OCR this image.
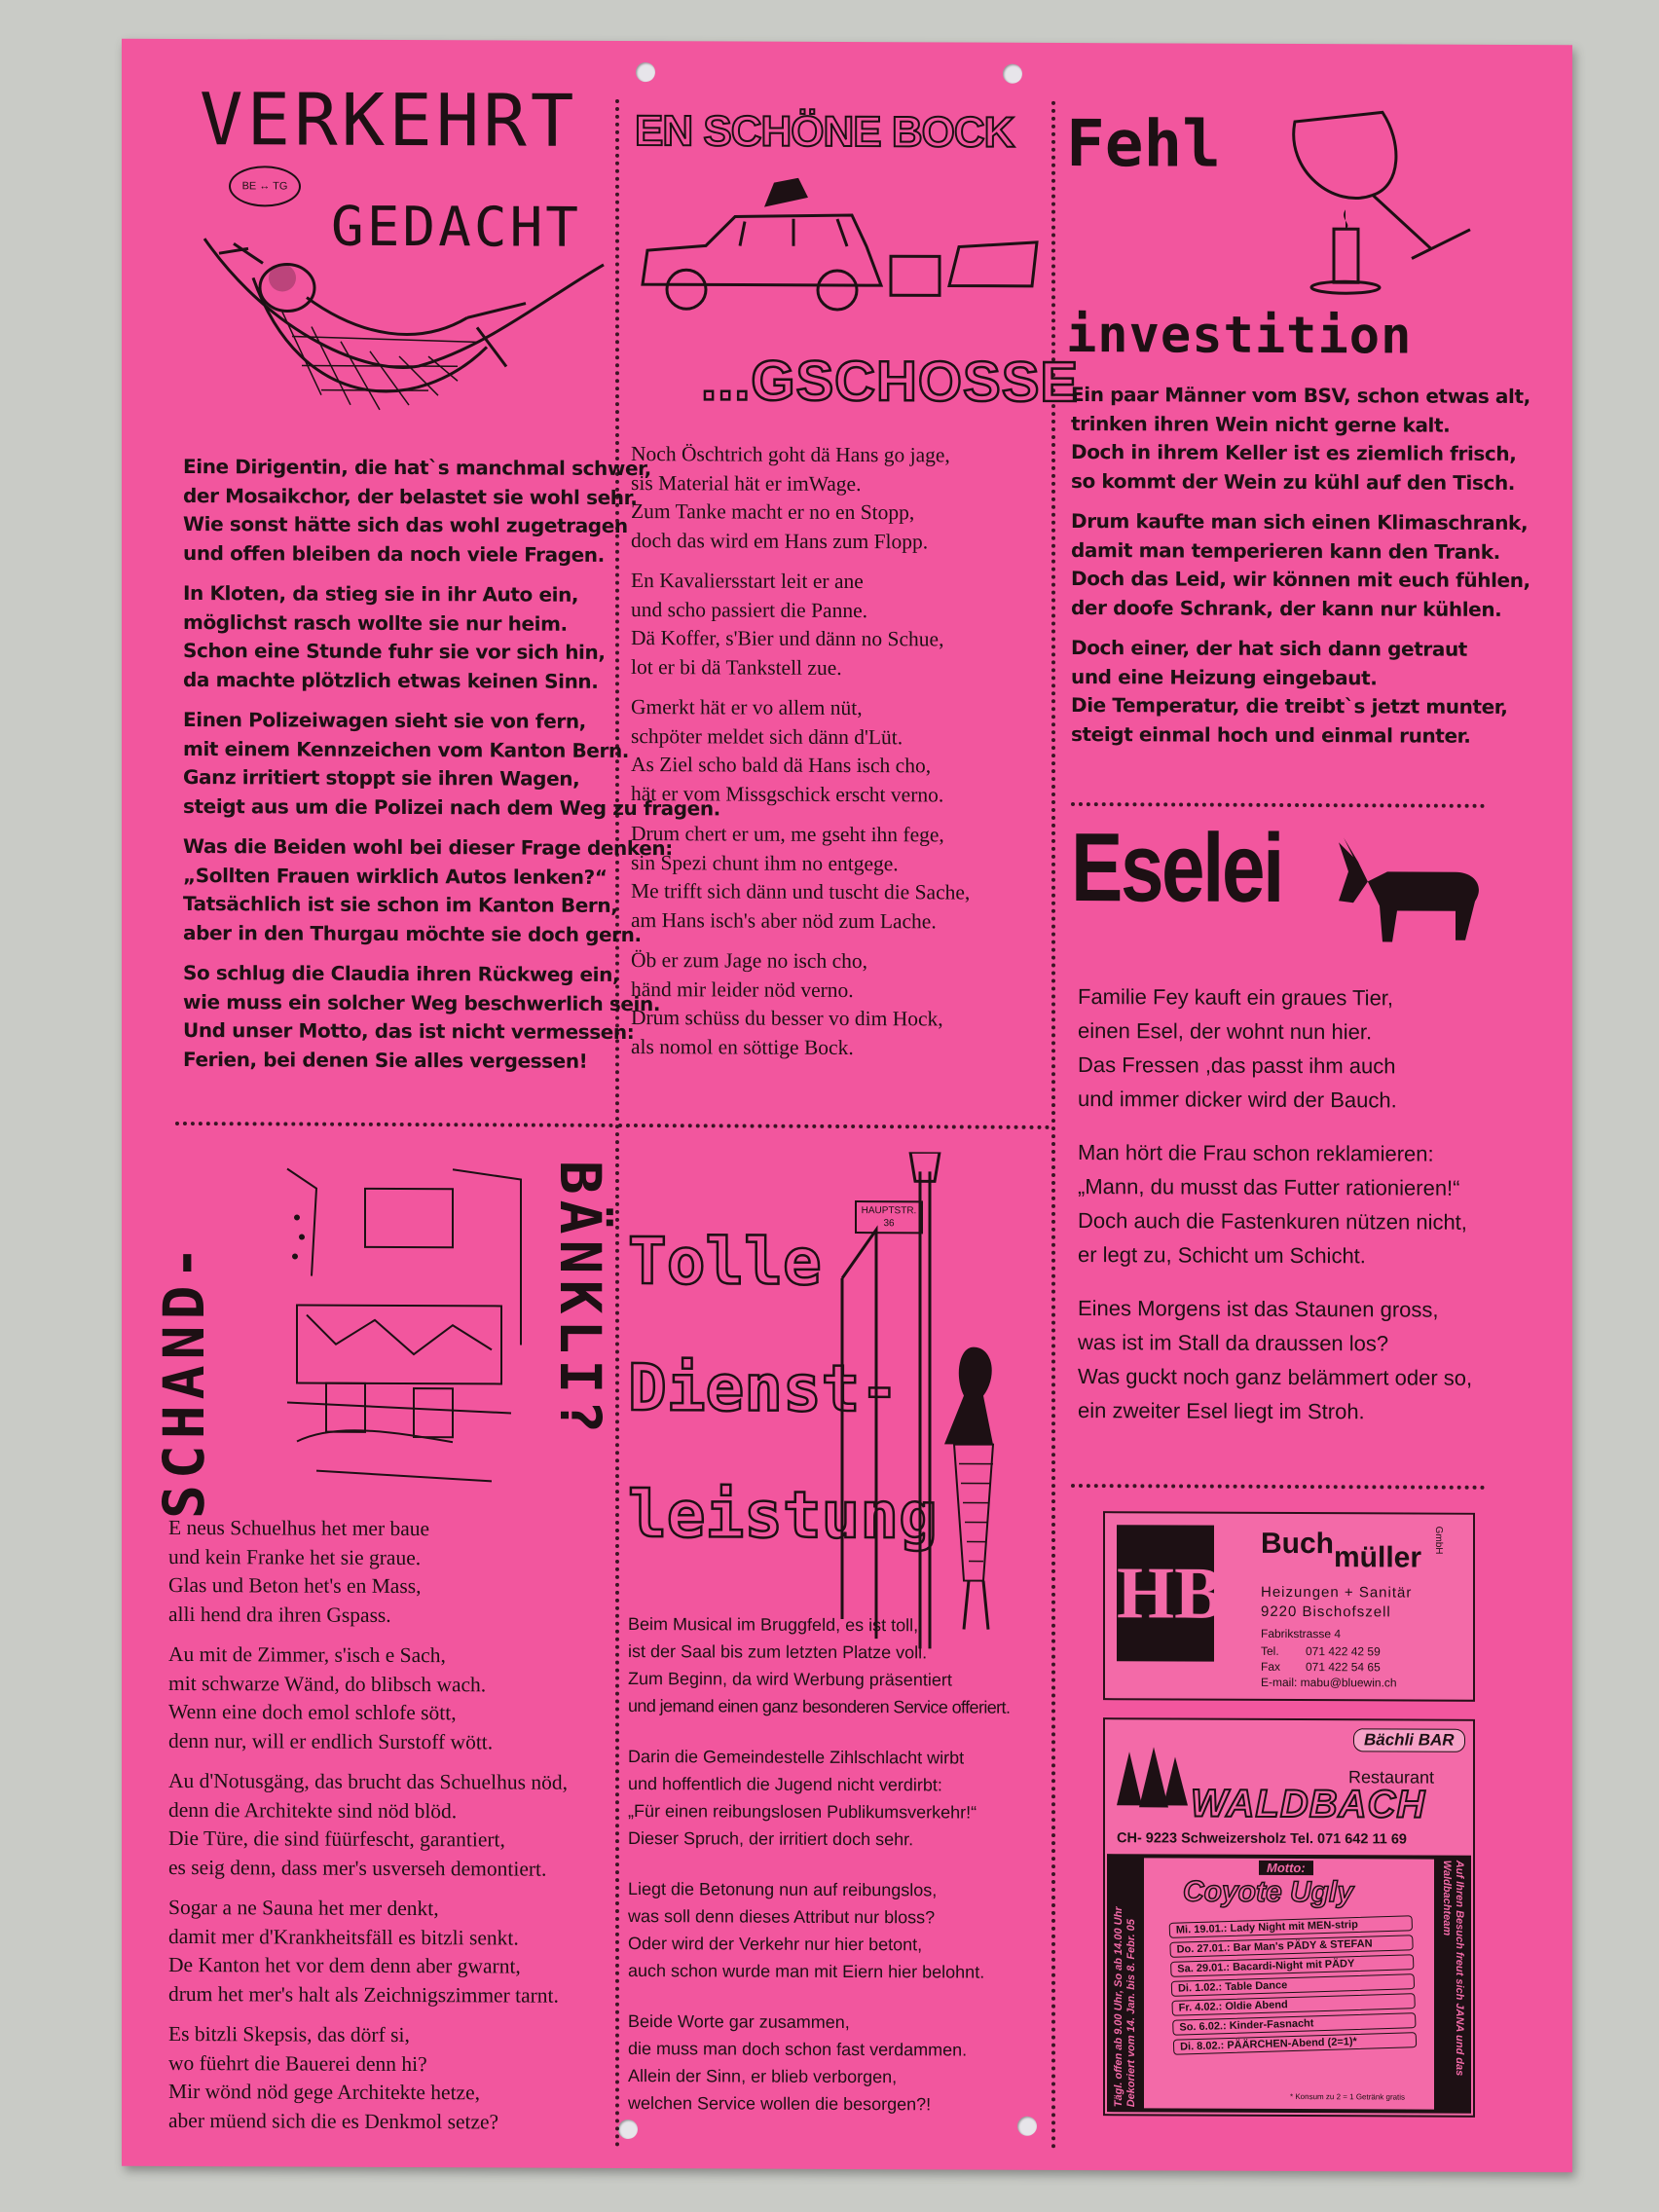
VERKEHRT
GEDACHT
BE ↔ TG

Eine Dirigentin, die hat`s manchmal schwer,
der Mosaikchor, der belastet sie wohl sehr.
Wie sonst hätte sich das wohl zugetragen
und offen bleiben da noch viele Fragen.

In Kloten, da stieg sie in ihr Auto ein,
möglichst rasch wollte sie nur heim.
Schon eine Stunde fuhr sie vor sich hin,
da machte plötzlich etwas keinen Sinn.

Einen Polizeiwagen sieht sie von fern,
mit einem Kennzeichen vom Kanton Bern.
Ganz irritiert stoppt sie ihren Wagen,
steigt aus um die Polizei nach dem Weg zu fragen.

Was die Beiden wohl bei dieser Frage denken:
„Sollten Frauen wirklich Autos lenken?“
Tatsächlich ist sie schon im Kanton Bern,
aber in den Thurgau möchte sie doch gern.

So schlug die Claudia ihren Rückweg ein,
wie muss ein solcher Weg beschwerlich sein.
Und unser Motto, das ist nicht vermessen:
Ferien, bei denen Sie alles vergessen!

EN SCHÖNE BOCK
...GSCHOSSE

Noch Öschtrich goht dä Hans go jage,
sis Material hät er imWage.
Zum Tanke macht er no en Stopp,
doch das wird em Hans zum Flopp.

En Kavaliersstart leit er ane
und scho passiert die Panne.
Dä Koffer, s'Bier und dänn no Schue,
lot er bi dä Tankstell zue.

Gmerkt hät er vo allem nüt,
schpöter meldet sich dänn d'Lüt.
As Ziel scho bald dä Hans isch cho,
hät er vom Missgschick erscht verno.

Drum chert er um, me gseht ihn fege,
sin Spezi chunt ihm no entgege.
Me trifft sich dänn und tuscht die Sache,
am Hans isch's aber nöd zum Lache.

Öb er zum Jage no isch cho,
händ mir leider nöd verno.
Drum schüss du besser vo dim Hock,
als nomol en söttige Bock.

Fehl
investition

Ein paar Männer vom BSV, schon etwas alt,
trinken ihren Wein nicht gerne kalt.
Doch in ihrem Keller ist es ziemlich frisch,
so kommt der Wein zu kühl auf den Tisch.

Drum kaufte man sich einen Klimaschrank,
damit man temperieren kann den Trank.
Doch das Leid, wir können mit euch fühlen,
der doofe Schrank, der kann nur kühlen.

Doch einer, der hat sich dann getraut
und eine Heizung eingebaut.
Die Temperatur, die treibt`s jetzt munter,
steigt einmal hoch und einmal runter.

Eselei

Familie Fey kauft ein graues Tier,
einen Esel, der wohnt nun hier.
Das Fressen ,das passt ihm auch
und immer dicker wird der Bauch.

Man hört die Frau schon reklamieren:
„Mann, du musst das Futter rationieren!“
Doch auch die Fastenkuren nützen nicht,
er legt zu, Schicht um Schicht.

Eines Morgens ist das Staunen gross,
was ist im Stall da draussen los?
Was guckt noch ganz belämmert oder so,
ein zweiter Esel liegt im Stroh.

SCHAND-	BÄNKLI?

E neus Schuelhus het mer baue
und kein Franke het sie graue.
Glas und Beton het's en Mass,
alli hend dra ihren Gspass.

Au mit de Zimmer, s'isch e Sach,
mit schwarze Wänd, do blibsch wach.
Wenn eine doch emol schlofe sött,
denn nur, will er endlich Surstoff wött.

Au d'Notusgäng, das brucht das Schuelhus nöd,
denn die Architekte sind nöd blöd.
Die Türe, die sind füürfescht, garantiert,
es seig denn, dass mer's usverseh demontiert.

Sogar a ne Sauna het mer denkt,
damit mer d'Krankheitsfäll es bitzli senkt.
De Kanton het vor dem denn aber gwarnt,
drum het mer's halt als Zeichnigszimmer tarnt.

Es bitzli Skepsis, das dörf si,
wo füehrt die Bauerei denn hi?
Mir wönd nöd gege Architekte hetze,
aber müend sich die es Denkmol setze?

Tolle
Dienst-
leistung
HAUPTSTR. 36

Beim Musical im Bruggfeld, es ist toll,
ist der Saal bis zum letzten Platze voll.
Zum Beginn, da wird Werbung präsentiert
und jemand einen ganz besonderen Service offeriert.

Darin die Gemeindestelle Zihlschlacht wirbt
und hoffentlich die Jugend nicht verdirbt:
„Für einen reibungslosen Publikumsverkehr!“
Dieser Spruch, der irritiert doch sehr.

Liegt die Betonung nun auf reibungslos,
was soll denn dieses Attribut nur bloss?
Oder wird der Verkehr nur hier betont,
auch schon wurde man mit Eiern hier belohnt.

Beide Worte gar zusammen,
die muss man doch schon fast verdammen.
Allein der Sinn, er blieb verborgen,
welchen Service wollen die besorgen?!

HB
Buchmüller
GmbH
Heizungen + Sanitär
9220 Bischofszell
Fabrikstrasse 4
Tel. 071 422 42 59
Fax 071 422 54 65
E-mail: mabu@bluewin.ch
Bächli BAR
Restaurant
WALDBACH
CH- 9223 Schweizersholz Tel. 071 642 11 69
Tägl. offen ab 9.00 Uhr, So ab 14.00 Uhr Dekoriert vom 14. Jan. bis 8. Febr. 05	Auf Ihren Besuch freut sich JANA und das Waldbachteam
Motto:
Coyote Ugly
Mi. 19.01.: Lady Night mit MEN-strip
Do. 27.01.: Bar Man's PÄDY & STEFAN
Sa. 29.01.: Bacardi-Night mit PÄDY
Di. 1.02.: Table Dance
Fr. 4.02.: Oldie Abend
So. 6.02.: Kinder-Fasnacht
Di. 8.02.: PÄÄRCHEN-Abend (2=1)*
* Konsum zu 2 = 1 Getränk gratis
